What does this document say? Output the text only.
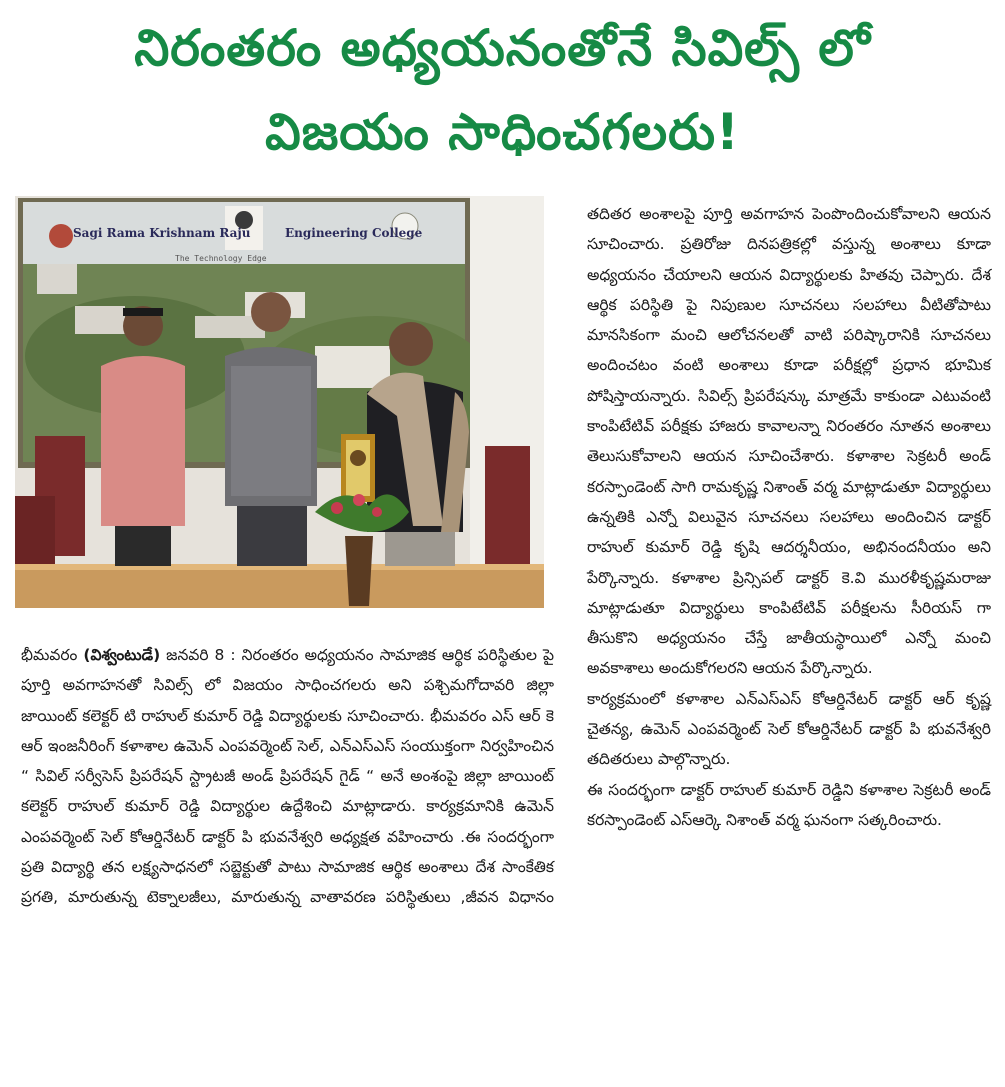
నిరంతరం అధ్యయనంతోనే సివిల్స్ లో
విజయం సాధించగలరు!
Sagi Rama Krishnam Raju	Engineering College
The Technology Edge

భీమవరం (విశ్వంటుడే) జనవరి 8 : నిరంతరం అధ్యయనం సామాజిక ఆర్థిక పరిస్థితుల పై పూర్తి అవగాహనతో సివిల్స్ లో విజయం సాధించగలరు అని పశ్చిమగోదావరి జిల్లా జాయింట్ కలెక్టర్ టి రాహుల్ కుమార్ రెడ్డి విద్యార్థులకు సూచించారు. భీమవరం ఎస్ ఆర్ కె ఆర్ ఇంజనీరింగ్ కళాశాల ఉమెన్ ఎంపవర్మెంట్ సెల్, ఎన్ఎస్ఎస్ సంయుక్తంగా నిర్వహించిన “ సివిల్ సర్వీసెస్ ప్రిపరేషన్ స్ట్రాటజీ అండ్ ప్రిపరేషన్ గైడ్ “ అనే అంశంపై జిల్లా జాయింట్ కలెక్టర్ రాహుల్ కుమార్ రెడ్డి విద్యార్థుల ఉద్దేశించి మాట్లాడారు. కార్యక్రమానికి ఉమెన్ ఎంపవర్మెంట్ సెల్ కోఆర్డినేటర్ డాక్టర్ పి భువనేశ్వరి అధ్యక్షత వహించారు .ఈ సందర్భంగా ప్రతి విద్యార్థి తన లక్ష్యసాధనలో సబ్జెక్టుతో పాటు సామాజిక ఆర్థిక అంశాలు దేశ సాంకేతిక ప్రగతి, మారుతున్న టెక్నాలజీలు, మారుతున్న వాతావరణ పరిస్థితులు ,జీవన విధానం

తదితర అంశాలపై పూర్తి అవగాహన పెంపొందించుకోవాలని ఆయన సూచించారు. ప్రతిరోజు దినపత్రికల్లో వస్తున్న అంశాలు కూడా అధ్యయనం చేయాలని ఆయన విద్యార్థులకు హితవు చెప్పారు. దేశ ఆర్థిక పరిస్థితి పై నిపుణుల సూచనలు సలహాలు వీటితోపాటు మానసికంగా మంచి ఆలోచనలతో వాటి పరిష్కారానికి సూచనలు అందించటం వంటి అంశాలు కూడా పరీక్షల్లో ప్రధాన భూమిక పోషిస్తాయన్నారు. సివిల్స్ ప్రిపరేషన్కు మాత్రమే కాకుండా ఎటువంటి కాంపిటేటివ్ పరీక్షకు హాజరు కావాలన్నా నిరంతరం నూతన అంశాలు తెలుసుకోవాలని ఆయన సూచించేశారు. కళాశాల సెక్రటరీ అండ్ కరస్పాండెంట్ సాగి రామకృష్ణ నిశాంత్ వర్మ మాట్లాడుతూ విద్యార్థులు ఉన్నతికి ఎన్నో విలువైన సూచనలు సలహాలు అందించిన డాక్టర్ రాహుల్ కుమార్ రెడ్డి కృషి ఆదర్శనీయం, అభినందనీయం అని పేర్కొన్నారు. కళాశాల ప్రిన్సిపల్ డాక్టర్ కె.వి మురళీకృష్ణమరాజు మాట్లాడుతూ విద్యార్థులు కాంపిటేటివ్ పరీక్షలను సీరియస్ గా తీసుకొని అధ్యయనం చేస్తే జాతీయస్థాయిలో ఎన్నో మంచి అవకాశాలు అందుకోగలరని ఆయన పేర్కొన్నారు.

కార్యక్రమంలో కళాశాల ఎన్ఎస్ఎస్ కోఆర్డినేటర్ డాక్టర్ ఆర్ కృష్ణ చైతన్య, ఉమెన్ ఎంపవర్మెంట్ సెల్ కోఆర్డినేటర్ డాక్టర్ పి భువనేశ్వరి తదితరులు పాల్గొన్నారు.

ఈ సందర్భంగా డాక్టర్ రాహుల్ కుమార్ రెడ్డిని కళాశాల సెక్రటరీ అండ్ కరస్పాండెంట్ ఎస్ఆర్కె నిశాంత్ వర్మ ఘనంగా సత్కరించారు.
